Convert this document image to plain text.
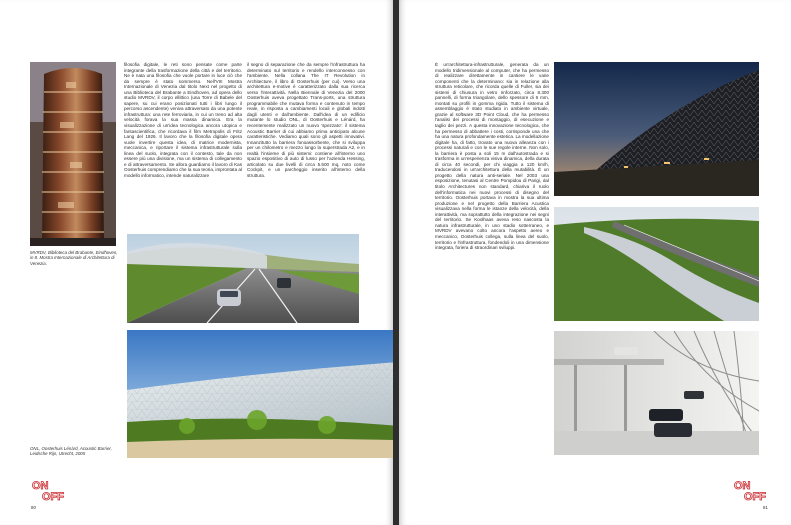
MVRDV, Biblioteca del Brabante, Eindhoven, in 8. Mostra Internazionale di Architettura di Venezia.

filosofia digitale, le reti sono pensate come parte integrante della trasformazione della città e del territorio. Ne è nata una filosofia che vuole portare in luce ciò che da sempre è stato sommerso. Nell'VIII Mostra Internazionale di Venezia dal titolo Next nel progetto di una Biblioteca del Brabante a Eindhoven, ad opera dello studio MVRDV, il corpo ellittico (una Torre di Babele del sapere, su cui erano posizionati tutti i libri lungo il percorso ascendente) veniva attraversato da una potente infrastruttura: una rete ferroviaria, in cui un treno ad alta velocità forava la sua massa dinamica. Era la visualizzazione di un'idea tecnologica ancora utopica e fantascientifica, che ricordava il film Metropolis di Fritz Lang del 1926. Il lavoro che la filosofia digitale opera vuole invertire questa idea, di matrice modernista, meccanica, e riportare il sistema infrastrutturale sulla linea del suolo, integrata con il contesto, tale da non essere più una divisione, ma un sistema di collegamento e di attraversamento. Se allora guardiamo il lavoro di Kas Oosterhuis comprendiamo che la sua teoria, improntata al modello informatico, intende naturalizzare

il segno di separazione che da sempre l'infrastruttura ha determinato sul territorio e rendello interconnesso con l'ambiente. Nella collana The IT Revolution in Architecture, il libro di Oosterhuis (per cui). Verso una architettura e-motive è caratterizzato dalla sua ricerca verso l'interattività. Nella Biennale di Venezia del 2000 Oosterhuis aveva progettato Trans-ports, una struttura programmabile che mutava forma e contenuto in tempo reale, in risposta a cambiamenti locali e globali indotti dagli utenti e dall'ambiente. Dall'idea di un edificio mutante lo studio ONL, di Oosterhuis e Lénárd, ha recentemente realizzato un nuovo 'spezzato': il sistema Acoustic Barrier di cui abbiamo prima anticipato alcune caratteristiche. Vediamo quali sono gli aspetti innovativi. Innanzitutto la barriera fonoassorbente, che si sviluppa per un chilometro e mezzo lungo la superstrada A2, e in realtà l'insieme di più sistemi: contiene all'interno uno spazio espositivo di auto di lusso per l'azienda Hessing, articolato su due livelli di circa 5.500 mq, noto come Cockpit, e un parcheggio inserito all'interno della struttura.

ONL, Oosterhuis Lénárd, Acoustic Barrier, Leidsche Rijn, Utrecht, 2005
ON
OFF
80

È un'architettura-infrastrutturale, generata da un modello tridimensionale al computer, che ha permesso di realizzare direttamente in cantiere le varie componenti che la determinano: sia in relazione alla struttura reticolare, che ricorda quelle di Fuller, sia dei sistemi di chiusura in vetro rinforzato, circa 8.300 pannelli, di forma triangolare, dello spessore di 6 mm, montati su profili in gomma rigida. Tutto il sistema di assemblaggio è stato studiato in ambiente virtuale, grazie al software 3D Point Cloud, che ha permesso l'analisi dei processi di montaggio, di esecuzione e taglio dei pezzi. A questa innovazione tecnologica, che ha permesso di abbattere i costi, corrisponde una che ha una natura profondamente estetica. La modellazione digitale ha, di fatto, trovato una nuova alleanza con i processi naturali e con le sue regole interne. Non solo, la barriera è posta a soli 15 m dall'autostrada e si trasforma in un'esperienza visiva dinamica, della durata di circa 40 secondi, per chi viaggia a 120 km/h, traducendosi in un'architettura della mutabilità. È un progetto della natura anti-seriale. Nel 2003 una esposizione, tenutasi al Centre Pompidou di Parigi, dal titolo Architectures non standard, chiariva il ruolo dell'informatica nei nuovi processi di disegno del territorio. Oosterhuis portava in mostra la sua ultima produzione e nel progetto della Barriera Acustica visualizzava nella forma le istanze della velocità, della interattività, ma soprattutto della integrazione nei segni del territorio. Se Koolhaas aveva reso nascosta la natura infrastrutturale, in uno stadio sotterraneo, e MVRDV avevano colto ancora l'aspetto aereo e meccanico, Oosterhuis collega, sulla linea del suolo, territorio e l'infrastruttura, fondendoli in una dimensione integrata, foriera di straordinari sviluppi.

ON
OFF
81
